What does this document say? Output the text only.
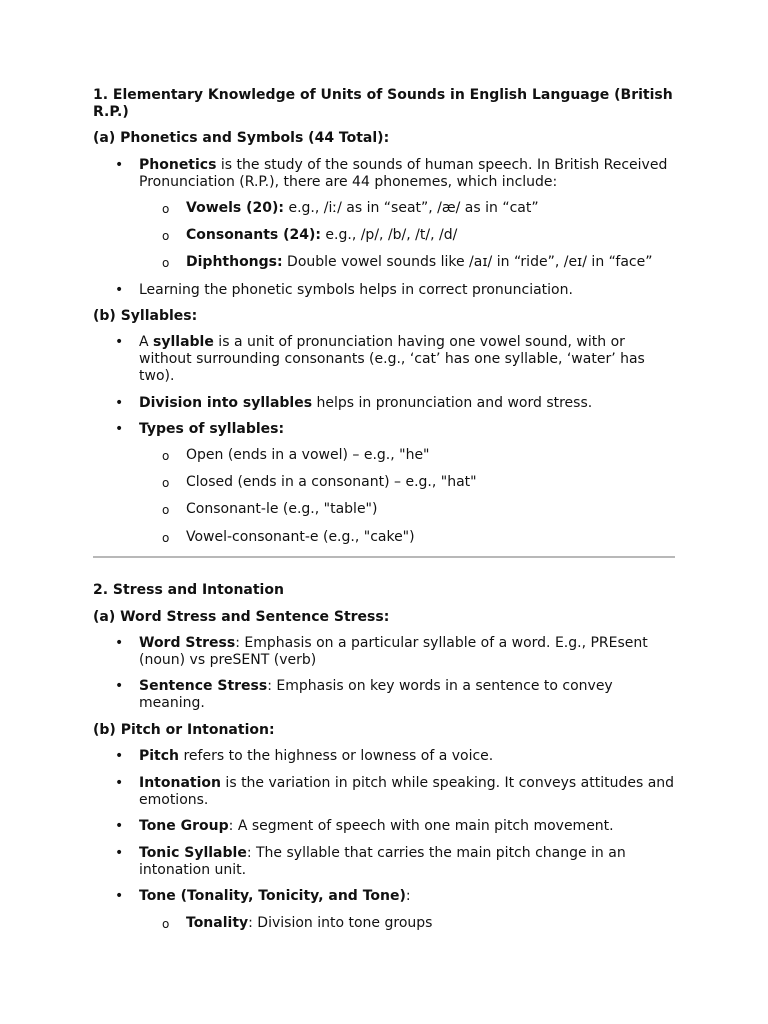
1. Elementary Knowledge of Units of Sounds in English Language (British R.P.)

(a) Phonetics and Symbols (44 Total):

• Phonetics is the study of the sounds of human speech. In British Received Pronunciation (R.P.), there are 44 phonemes, which include:
o Vowels (20): e.g., /iː/ as in “seat”, /æ/ as in “cat”
o Consonants (24): e.g., /p/, /b/, /t/, /d/
o Diphthongs: Double vowel sounds like /aɪ/ in “ride”, /eɪ/ in “face”
• Learning the phonetic symbols helps in correct pronunciation.

(b) Syllables:

• A syllable is a unit of pronunciation having one vowel sound, with or without surrounding consonants (e.g., ‘cat’ has one syllable, ‘water’ has two).
• Division into syllables helps in pronunciation and word stress.
• Types of syllables:
o Open (ends in a vowel) – e.g., "he"
o Closed (ends in a consonant) – e.g., "hat"
o Consonant-le (e.g., "table")
o Vowel-consonant-e (e.g., "cake")

2. Stress and Intonation

(a) Word Stress and Sentence Stress:

• Word Stress: Emphasis on a particular syllable of a word. E.g., PREsent (noun) vs preSENT (verb)
• Sentence Stress: Emphasis on key words in a sentence to convey meaning.

(b) Pitch or Intonation:

• Pitch refers to the highness or lowness of a voice.
• Intonation is the variation in pitch while speaking. It conveys attitudes and emotions.
• Tone Group: A segment of speech with one main pitch movement.
• Tonic Syllable: The syllable that carries the main pitch change in an intonation unit.
• Tone (Tonality, Tonicity, and Tone):
o Tonality: Division into tone groups
